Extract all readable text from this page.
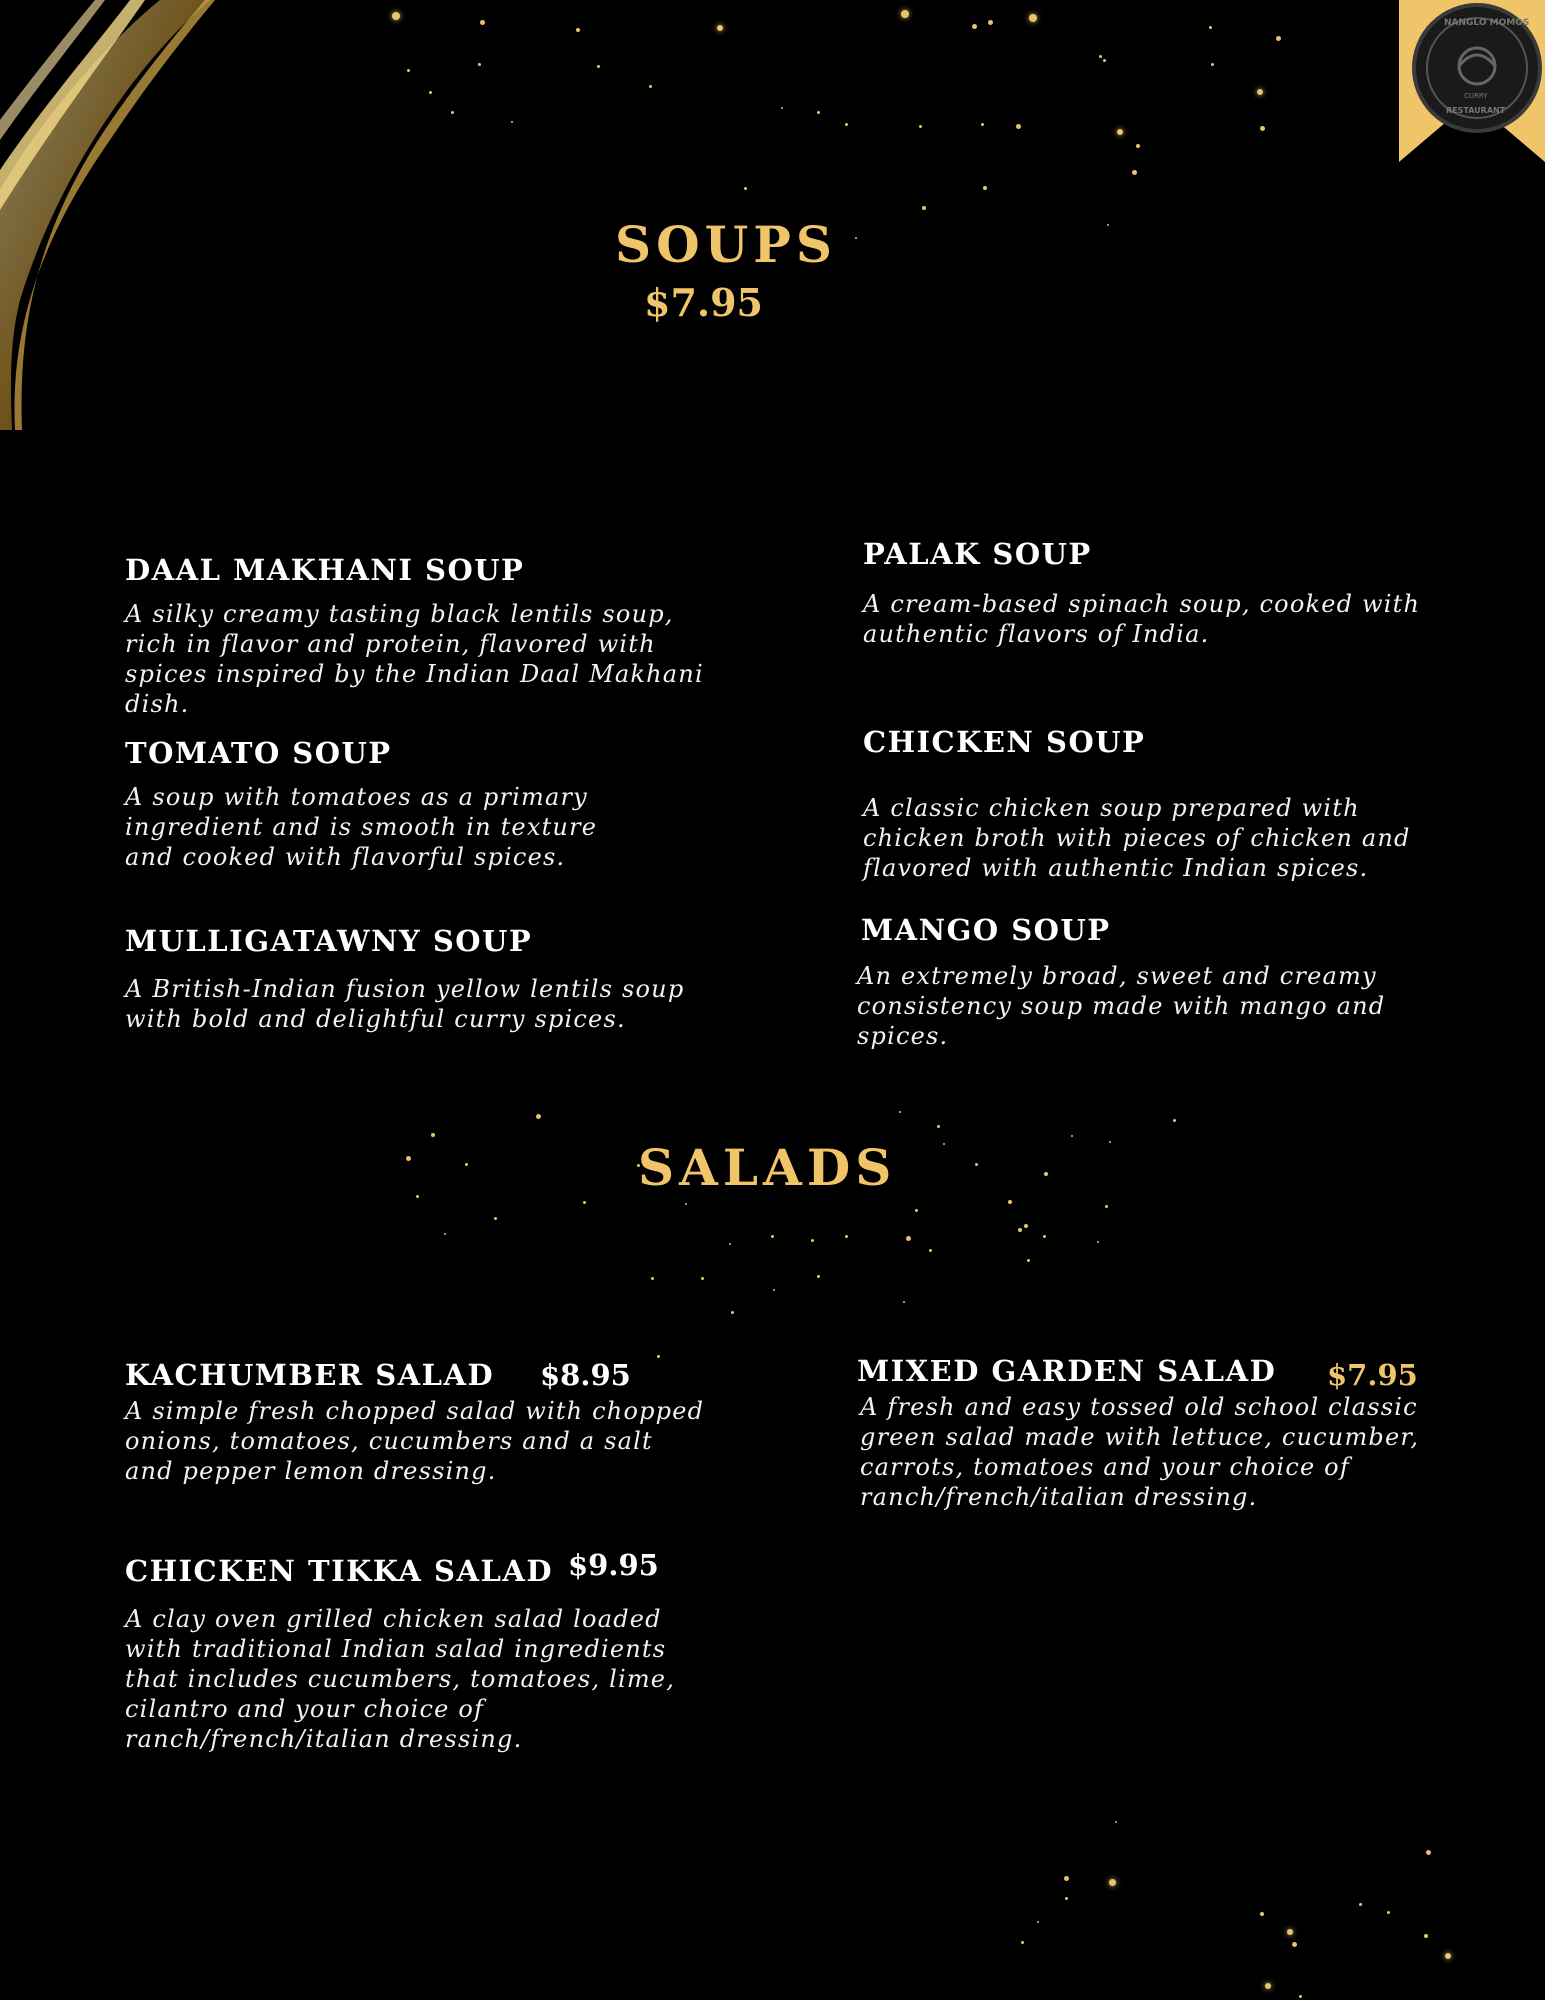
NANGLO MOMOS
CURRY
RESTAURANT
SOUPS
$7.95
DAAL MAKHANI SOUP

A silky creamy tasting black lentils soup, rich in flavor and protein, flavored with spices inspired by the Indian Daal Makhani dish.

TOMATO SOUP

A soup with tomatoes as a primary ingredient and is smooth in texture and cooked with flavorful spices.

MULLIGATAWNY SOUP

A British-Indian fusion yellow lentils soup with bold and delightful curry spices.

PALAK SOUP

A cream-based spinach soup, cooked with authentic flavors of India.

CHICKEN SOUP

A classic chicken soup prepared with chicken broth with pieces of chicken and flavored with authentic Indian spices.

MANGO SOUP

An extremely broad, sweet and creamy consistency soup made with mango and spices.

SALADS
KACHUMBER SALAD $8.95

A simple fresh chopped salad with chopped onions, tomatoes, cucumbers and a salt and pepper lemon dressing.

CHICKEN TIKKA SALAD $9.95

A clay oven grilled chicken salad loaded with traditional Indian salad ingredients that includes cucumbers, tomatoes, lime, cilantro and your choice of ranch/french/italian dressing.

MIXED GARDEN SALAD $7.95

A fresh and easy tossed old school classic green salad made with lettuce, cucumber, carrots, tomatoes and your choice of ranch/french/italian dressing.
